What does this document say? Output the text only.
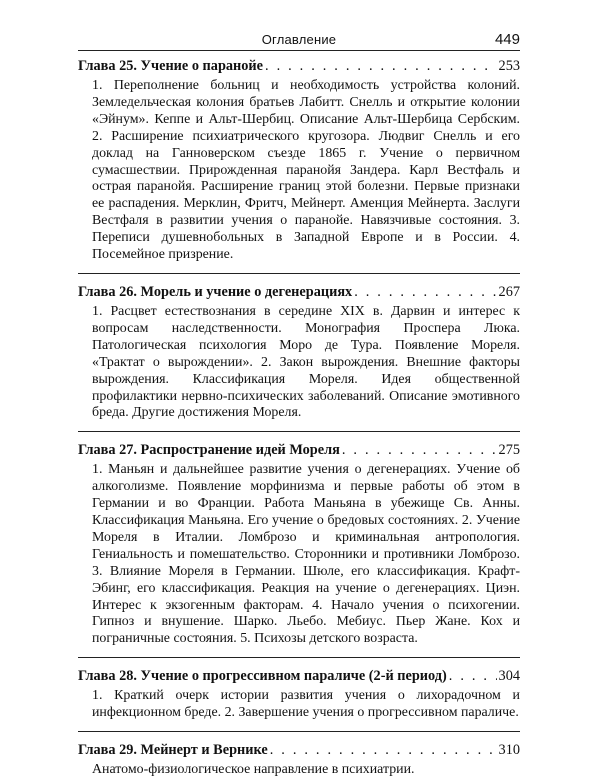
Оглавление	449
Глава 25. Учение о паранойе . . .	253
1. Переполнение больниц и необходимость устройства колоний. Земледельческая колония братьев Лабитт. Снелль и открытие колонии «Эйнум». Кеппе и Альт-Шербиц. Описание Альт-Шербица Сербским. 2. Расширение психиатрического кругозора. Людвиг Снелль и его доклад на Ганноверском съезде 1865 г. Учение о первичном сумасшествии. Прирожденная паранойя Зандера. Карл Вестфаль и острая паранойя. Расширение границ этой болезни. Первые признаки ее распадения. Мерклин, Фритч, Мейнерт. Аменция Мейнерта. Заслуги Вестфаля в развитии учения о паранойе. Навязчивые состояния. 3. Переписи душевнобольных в Западной Европе и в России. 4. Посемейное призрение.
Глава 26. Морель и учение о дегенерациях . . .	267
1. Расцвет естествознания в середине XIX в. Дарвин и интерес к вопросам наследственности. Монография Проспера Люка. Патологическая психология Моро де Тура. Появление Мореля. «Трактат о вырождении». 2. Закон вырождения. Внешние факторы вырождения. Классификация Мореля. Идея общественной профилактики нервно-психических заболеваний. Описание эмотивного бреда. Другие достижения Мореля.
Глава 27. Распространение идей Мореля . . .	275
1. Маньян и дальнейшее развитие учения о дегенерациях. Учение об алкоголизме. Появление морфинизма и первые работы об этом в Германии и во Франции. Работа Маньяна в убежище Св. Анны. Классификация Маньяна. Его учение о бредовых состояниях. 2. Учение Мореля в Италии. Ломброзо и криминальная антропология. Гениальность и помешательство. Сторонники и противники Ломброзо. 3. Влияние Мореля в Германии. Шюле, его классификация. Крафт-Эбинг, его классификация. Реакция на учение о дегенерациях. Циэн. Интерес к экзогенным факторам. 4. Начало учения о психогении. Гипноз и внушение. Шарко. Льебо. Мебиус. Пьер Жане. Кох и пограничные состояния. 5. Психозы детского возраста.
Глава 28. Учение о прогрессивном параличе (2-й период) . . .	304
1. Краткий очерк истории развития учения о лихорадочном и инфекционном бреде. 2. Завершение учения о прогрессивном параличе.
Глава 29. Мейнерт и Вернике . . .	310
Анатомо-физиологическое направление в психиатрии.
